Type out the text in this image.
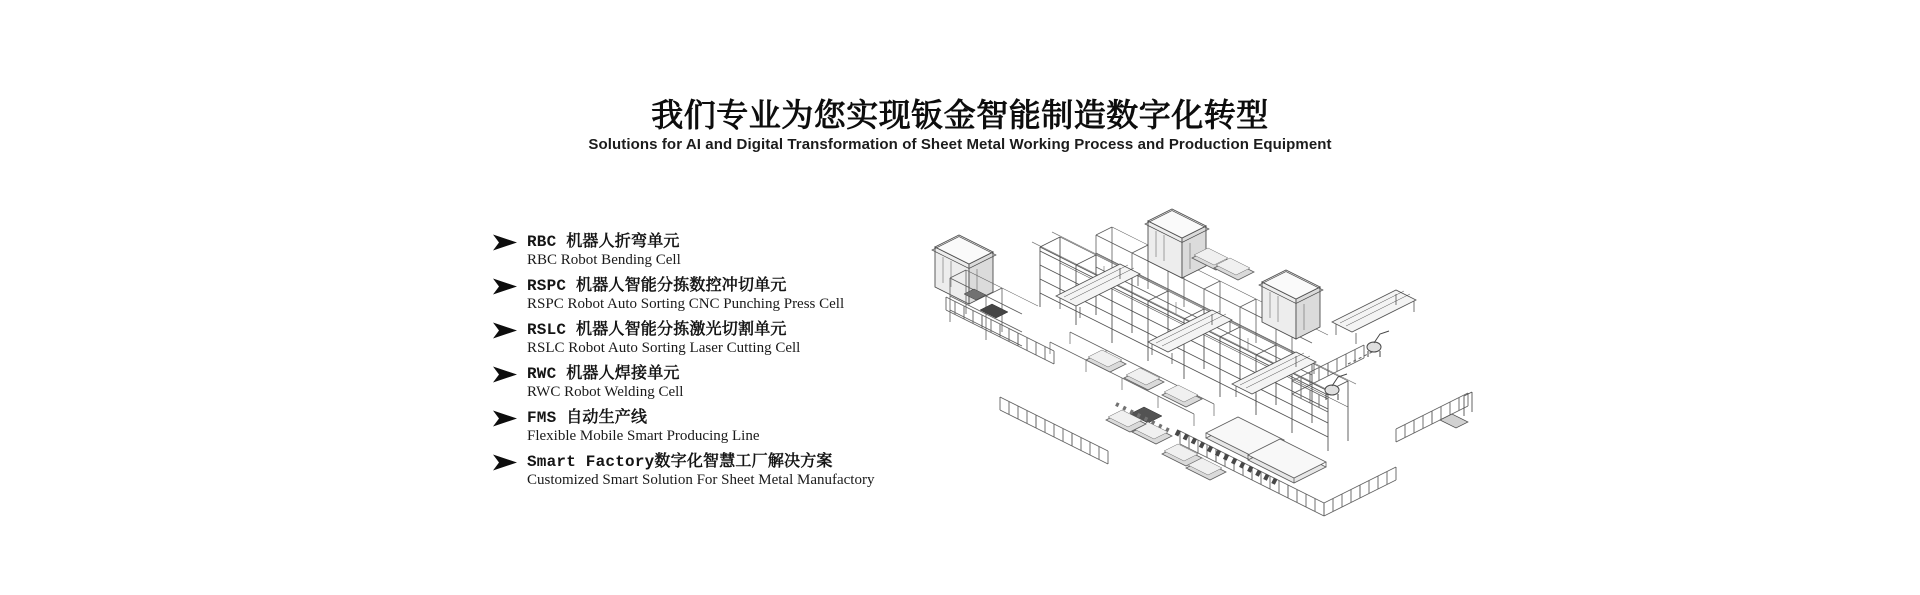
我们专业为您实现钣金智能制造数字化转型
Solutions for AI and Digital Transformation of Sheet Metal Working Process and Production Equipment
RBC 机器人折弯单元
RBC Robot Bending Cell
RSPC 机器人智能分拣数控冲切单元
RSPC Robot Auto Sorting CNC Punching Press Cell
RSLC 机器人智能分拣激光切割单元
RSLC Robot Auto Sorting Laser Cutting Cell
RWC 机器人焊接单元
RWC Robot Welding Cell
FMS 自动生产线
Flexible Mobile Smart Producing Line
Smart Factory数字化智慧工厂解决方案
Customized Smart Solution For Sheet Metal Manufactory
